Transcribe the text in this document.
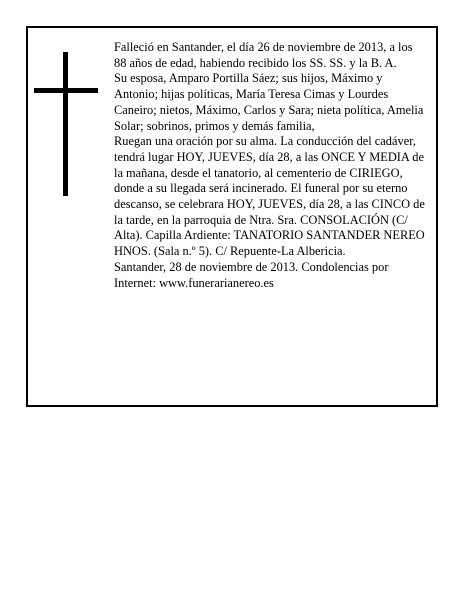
Falleció en Santander, el día 26 de noviembre de 2013, a los 88 años de edad, habiendo recibido los SS. SS. y la B. A.

Su esposa, Amparo Portilla Sáez; sus hijos, Máximo y Antonio; hijas políticas, María Teresa Cimas y Lourdes Caneiro; nietos, Máximo, Carlos y Sara; nieta política, Amelia Solar; sobrinos, primos y demás familia,

Ruegan una oración por su alma. La conducción del cadáver, tendrá lugar HOY, JUEVES, día 28, a las ONCE Y MEDIA de la mañana, desde el tanatorio, al cementerio de CIRIEGO, donde a su llegada será incinerado. El funeral por su eterno descanso, se celebrara HOY, JUEVES, día 28, a las CINCO de la tarde, en la parroquia de Ntra. Sra. CONSOLACIÓN (C/ Alta). Capilla Ardiente: TANATORIO SANTANDER NEREO HNOS. (Sala n.º 5). C/ Repuente-La Albericia.

Santander, 28 de noviembre de 2013. Condolencias por Internet: www.funerarianereo.es
